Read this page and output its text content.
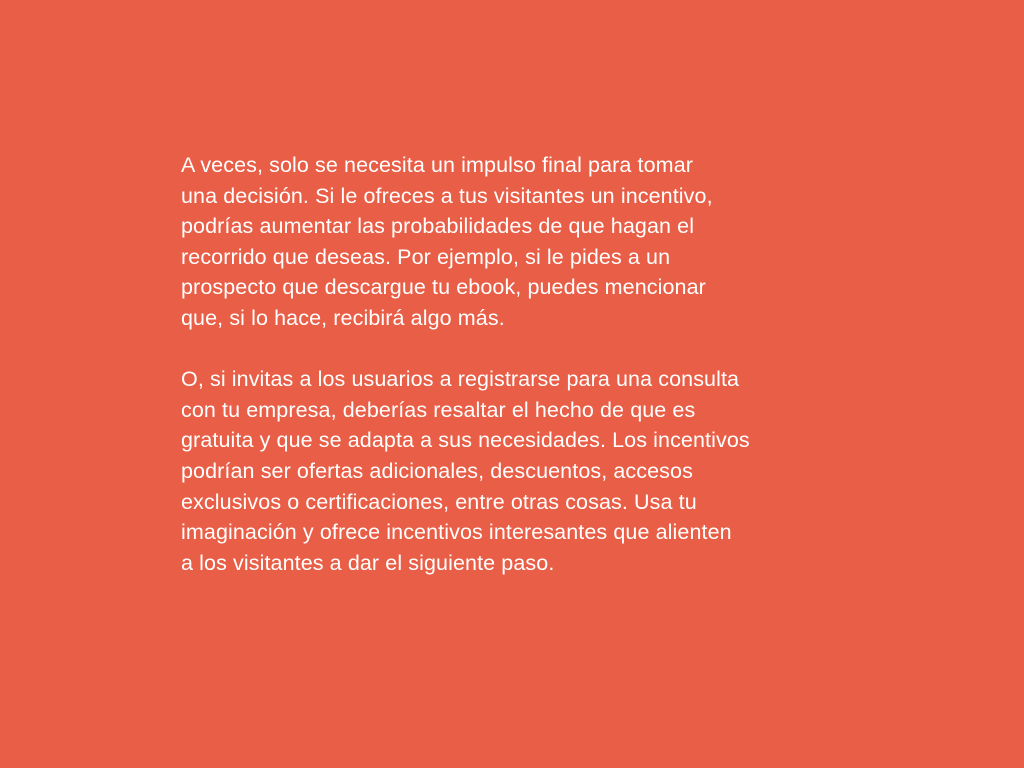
A veces, solo se necesita un impulso final para tomar
una decisión. Si le ofreces a tus visitantes un incentivo,
podrías aumentar las probabilidades de que hagan el
recorrido que deseas. Por ejemplo, si le pides a un
prospecto que descargue tu ebook, puedes mencionar
que, si lo hace, recibirá algo más.

O, si invitas a los usuarios a registrarse para una consulta
con tu empresa, deberías resaltar el hecho de que es
gratuita y que se adapta a sus necesidades. Los incentivos
podrían ser ofertas adicionales, descuentos, accesos
exclusivos o certificaciones, entre otras cosas. Usa tu
imaginación y ofrece incentivos interesantes que alienten
a los visitantes a dar el siguiente paso.
